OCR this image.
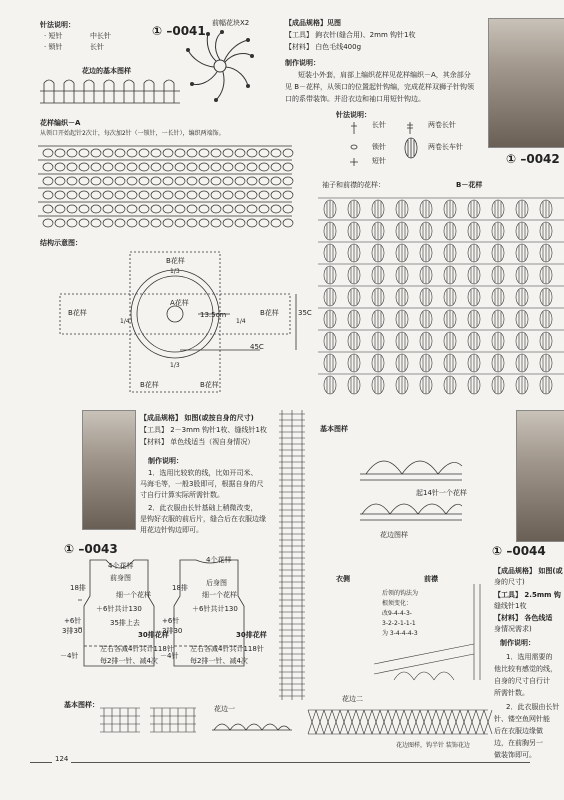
针法说明：
· 短针	中长针
· 锁针	长针
① –0041
前幅花块X2
花边的基本图样
花样编织－A
从领口开始起针2次计，每次加2针（一锁针，一长针），编织两端饰。
结构示意图：
B花样
A花样
B花样	B花样
B花样	B花样
13.5cm
45C
35C
1/3
1/4	1/4
1/3
【成品规格】见图
【工具】 鉤衣针(缝合用)、2mm 钩针1枚
【材料】 白色毛线400g
制作说明：
短装小外套，肩部上编织花样见花样编织－A，其余部分
见 B－花样，从领口的位置起针钩编，完成花样双狮子针钩领
口的系带装饰。并沿衣边和袖口用短针钩边。
① –0042
针法说明：
长针	两卷长针
锁针	两卷长车针
短针
袖子和前襟的花样：	B－花样
【成品规格】 如图(或按自身的尺寸)
【工具】 2－3mm 钩针1枚、缝线针1枚
【材料】 单色线适当（视自身情况）
制作说明：
1．选用比较软的线，比如开司米、
马海毛等，一般3股即可，根据自身的尺
寸自行计算实际所需针数。
2．此衣服由长针基础上稍微改变，
是钩好衣服的前后片，缝合后在衣服边缘
用花边针钩边即可。
① –0043
4个花样
4个花样
前身图
后身图
18排	18排
细一个花样	细一个花样
＋6针共计130	＋6针共计130
+6针	+6针
35排上去
3排30	3排30
30排花样	30排花样
左右各减4针共计118针 左右各减4针共计118针
－4针	－4针
每2排一针、减4次	每2排一针、减4次
基本图样
起14针一个花样
花边图样
衣侧	前襟
后领的钩法为
根须变化：
改9-4-4-3-
3-2-2-1-1-1
为 3-4-4-4-3
基本图样：	花边一
花边二
花边图样，钩半针 装饰花边
① –0044
【成品规格】 如图(或
身的尺寸)
【工具】 2.5mm 钩
缝线针1枚
【材料】 各色线适
身情况需求)
制作说明：
1．选用需要的
他比较有感觉的线，
自身的尺寸自行计
所需针数。
2．此衣服由长针
针、镂空鱼网针能
后在衣服边缘做
边，在前胸另一
做装饰即可。
124
